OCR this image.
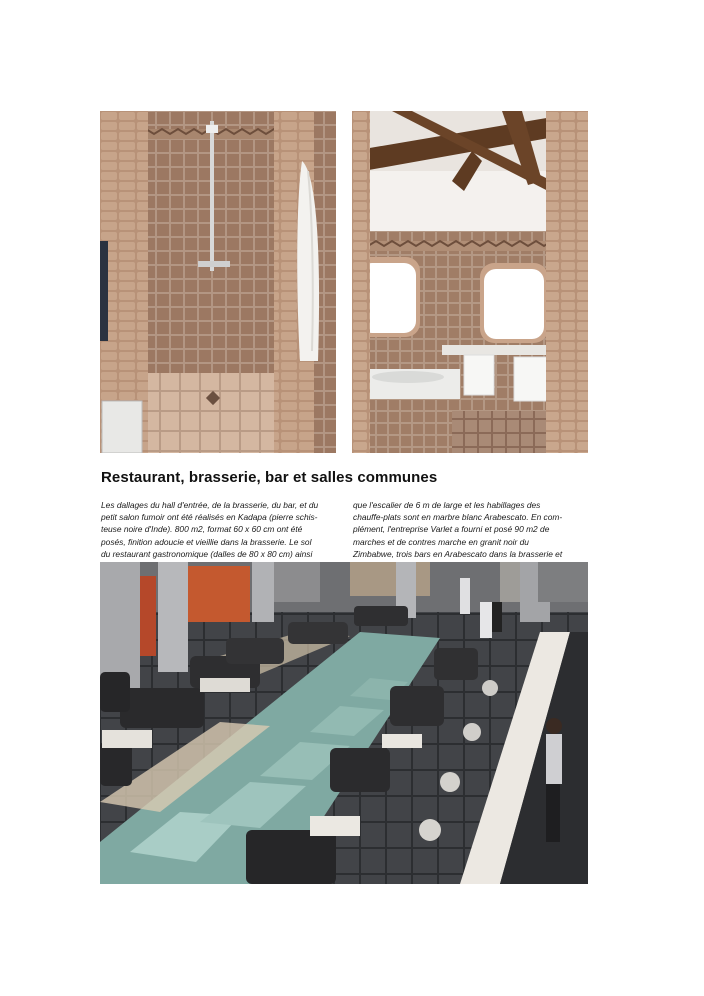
Restaurant, brasserie, bar et salles communes
Les dallages du hall d'entrée, de la brasserie, du bar, et du
petit salon fumoir ont été réalisés en Kadapa (pierre schis-
teuse noire d'Inde). 800 m2, format 60 x 60 cm ont été
posés, finition adoucie et vieillie dans la brasserie. Le sol
du restaurant gastronomique (dalles de 80 x 80 cm) ainsi
que l'escalier de 6 m de large et les habillages des
chauffe-plats sont en marbre blanc Arabescato. En com-
plément, l'entreprise Varlet a fourni et posé 90 m2 de
marches et de contres marche en granit noir du
Zimbabwe, trois bars en Arabescato dans la brasserie et
